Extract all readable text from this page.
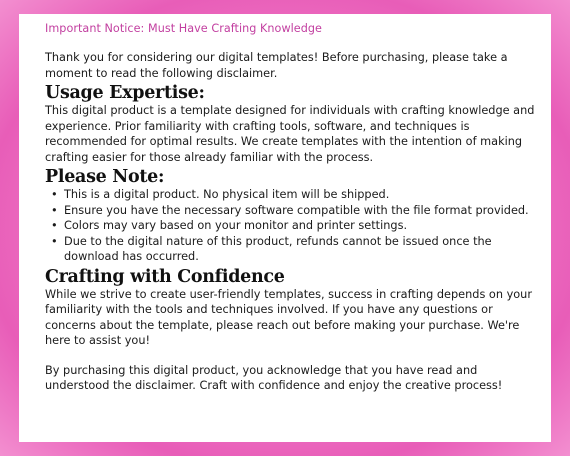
Important Notice: Must Have Crafting Knowledge

Thank you for considering our digital templates! Before purchasing, please take a moment to read the following disclaimer.

Usage Expertise:

This digital product is a template designed for individuals with crafting knowledge and experience. Prior familiarity with crafting tools, software, and techniques is recommended for optimal results. We create templates with the intention of making crafting easier for those already familiar with the process.

Please Note:
• This is a digital product. No physical item will be shipped.
• Ensure you have the necessary software compatible with the file format provided.
• Colors may vary based on your monitor and printer settings.
• Due to the digital nature of this product, refunds cannot be issued once the download has occurred.
Crafting with Confidence

While we strive to create user-friendly templates, success in crafting depends on your familiarity with the tools and techniques involved. If you have any questions or concerns about the template, please reach out before making your purchase. We're here to assist you!

By purchasing this digital product, you acknowledge that you have read and understood the disclaimer. Craft with confidence and enjoy the creative process!
